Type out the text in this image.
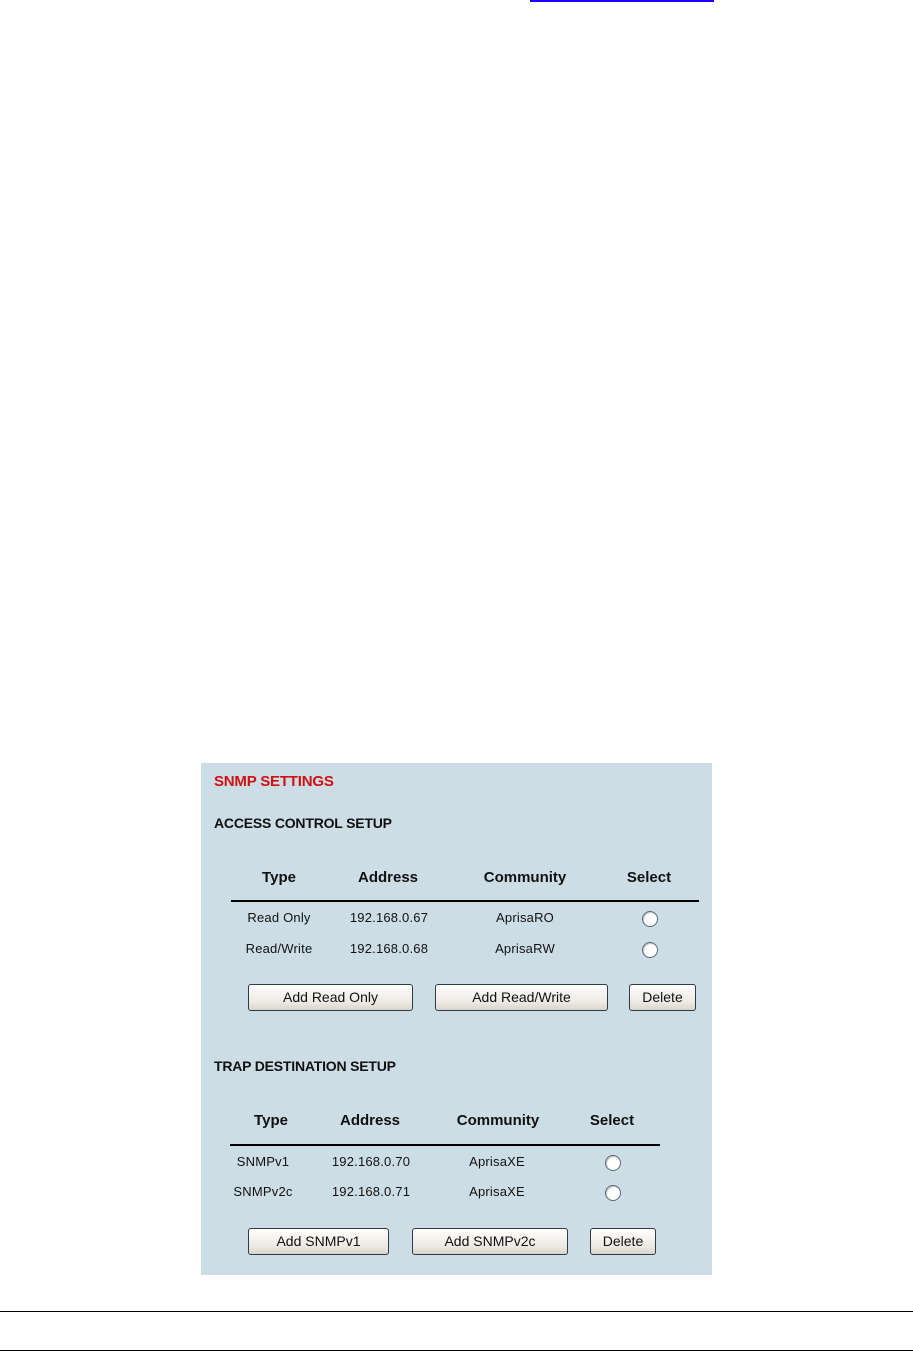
SNMP SETTINGS
ACCESS CONTROL SETUP
Type	Address	Community	Select
Read Only	192.168.0.67	AprisaRO
Read/Write	192.168.0.68	AprisaRW
Add Read Only	Add Read/Write	Delete
TRAP DESTINATION SETUP
Type	Address	Community	Select
SNMPv1	192.168.0.70	AprisaXE
SNMPv2c	192.168.0.71	AprisaXE
Add SNMPv1	Add SNMPv2c	Delete
